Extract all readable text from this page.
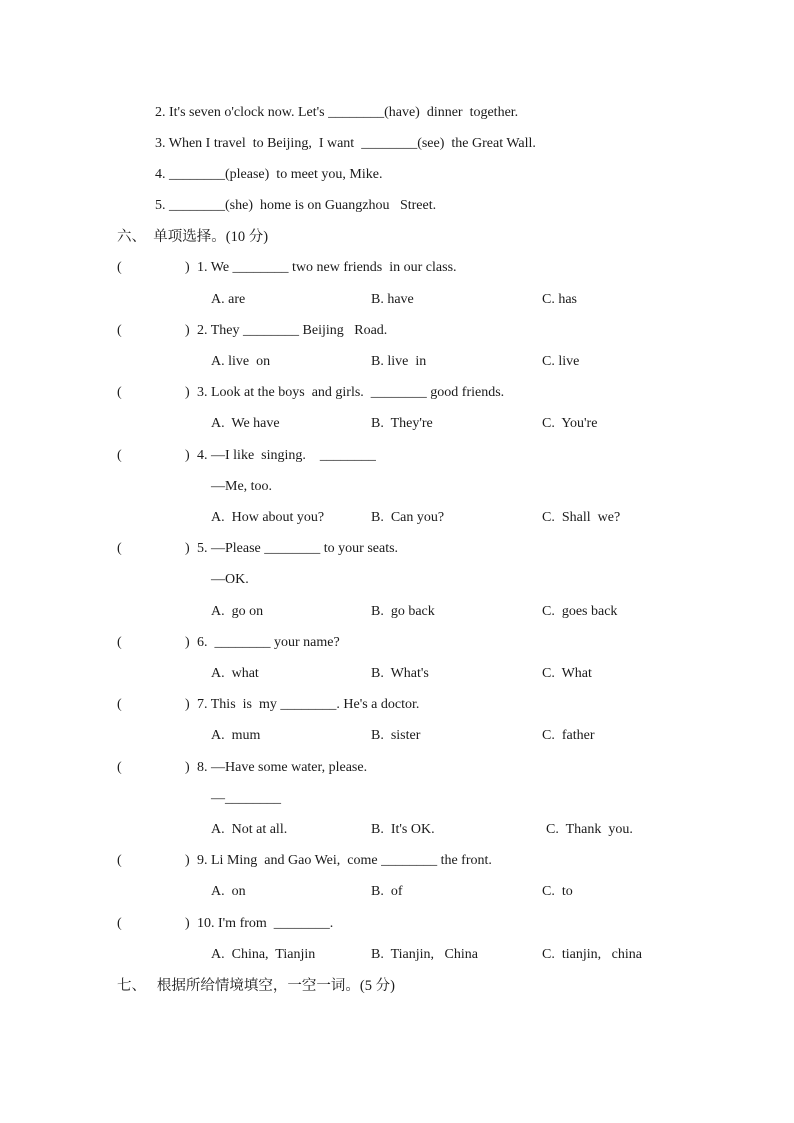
2. It's seven o'clock now. Let's ________(have)  dinner  together.
3. When I travel  to Beijing,  I want  ________(see)  the Great Wall.
4. ________(please)  to meet you, Mike.
5. ________(she)  home is on Guangzhou   Street.
六、  单项选择。(10 分)
(	) 1. We ________ two new friends  in our class.
A. are	B. have	C. has
(	) 2. They ________ Beijing   Road.
A. live  on	B. live  in	C. live
(	) 3. Look at the boys  and girls.  ________ good friends.
A.  We have	B.  They're	C.  You're
(	) 4. —I like  singing.    ________
—Me, too.
A.  How about you?	B.  Can you?	C.  Shall  we?
(	) 5. —Please ________ to your seats.
—OK.
A.  go on	B.  go back	C.  goes back
(	) 6.  ________ your name?
A.  what	B.  What's	C.  What
(	) 7. This  is  my ________. He's a doctor.
A.  mum	B.  sister	C.  father
(	) 8. —Have some water, please.
—________
A.  Not at all.	B.  It's OK.	C.  Thank  you.
(	) 9. Li Ming  and Gao Wei,  come ________ the front.
A.  on	B.  of	C.  to
(	) 10. I'm from  ________.
A.  China,  Tianjin	B.  Tianjin,   China	C.  tianjin,   china
七、   根据所给情境填空，一空一词。(5 分)
